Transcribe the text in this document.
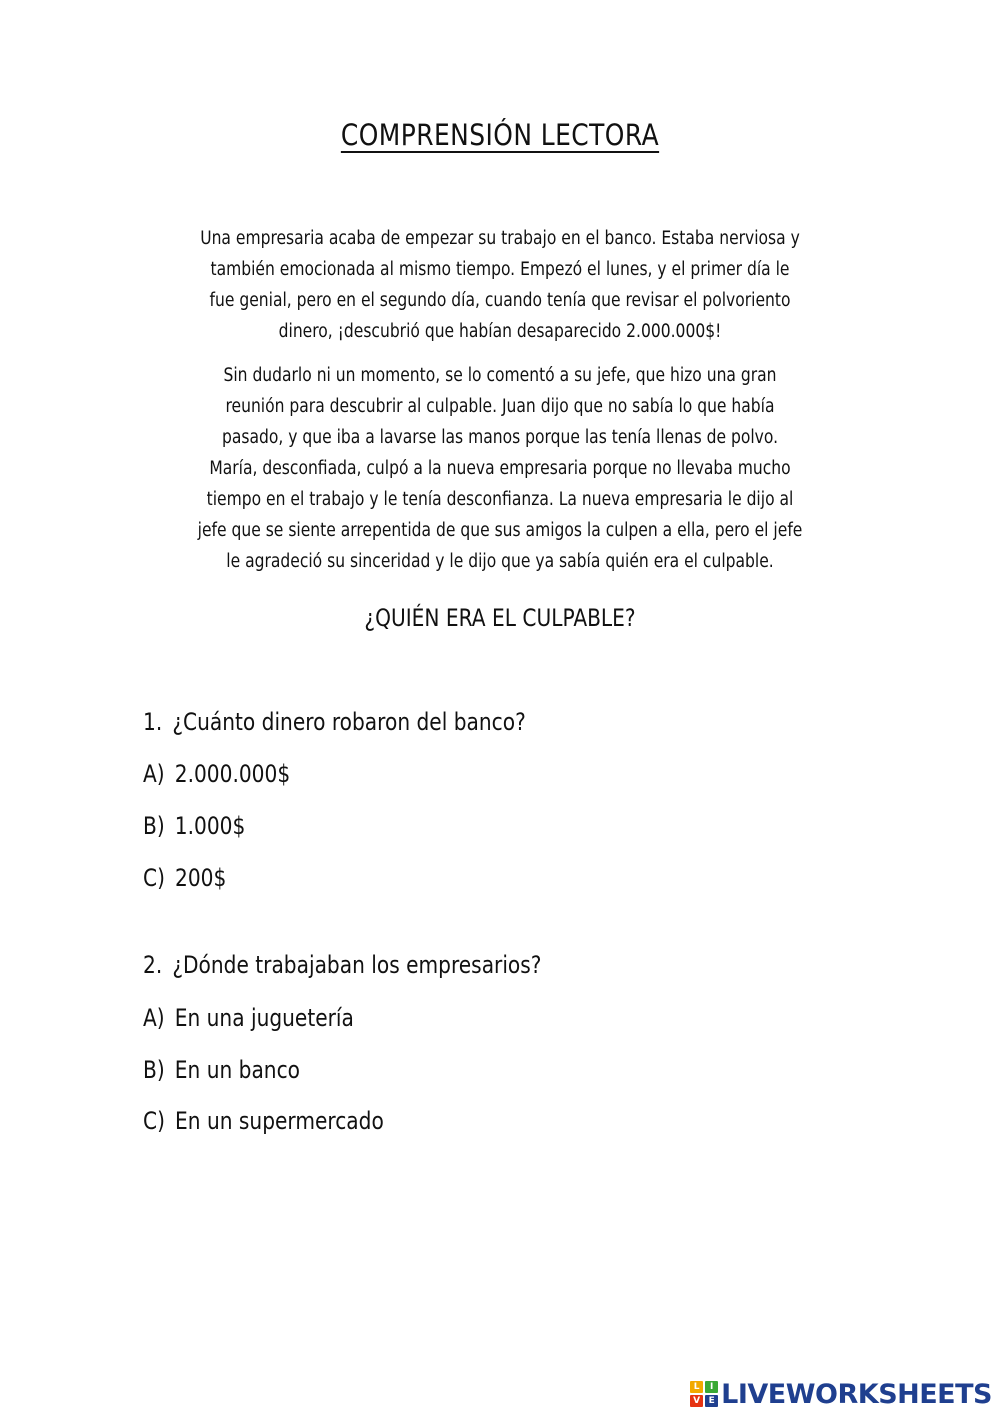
COMPRENSIÓN LECTORA
Una empresaria acaba de empezar su trabajo en el banco. Estaba nerviosa y también emocionada al mismo tiempo. Empezó el lunes, y el primer día le fue genial, pero en el segundo día, cuando tenía que revisar el polvoriento dinero, ¡descubrió que habían desaparecido 2.000.000$!
Sin dudarlo ni un momento, se lo comentó a su jefe, que hizo una gran reunión para descubrir al culpable. Juan dijo que no sabía lo que había pasado, y que iba a lavarse las manos porque las tenía llenas de polvo. María, desconfiada, culpó a la nueva empresaria porque no llevaba mucho tiempo en el trabajo y le tenía desconfianza. La nueva empresaria le dijo al jefe que se siente arrepentida de que sus amigos la culpen a ella, pero el jefe le agradeció su sinceridad y le dijo que ya sabía quién era el culpable.
¿QUIÉN ERA EL CULPABLE?
1. ¿Cuánto dinero robaron del banco?
A) 2.000.000$
B) 1.000$
C) 200$
2. ¿Dónde trabajaban los empresarios?
A) En una juguetería
B) En un banco
C) En un supermercado
L	I
V E LIVEWORKSHEETS
